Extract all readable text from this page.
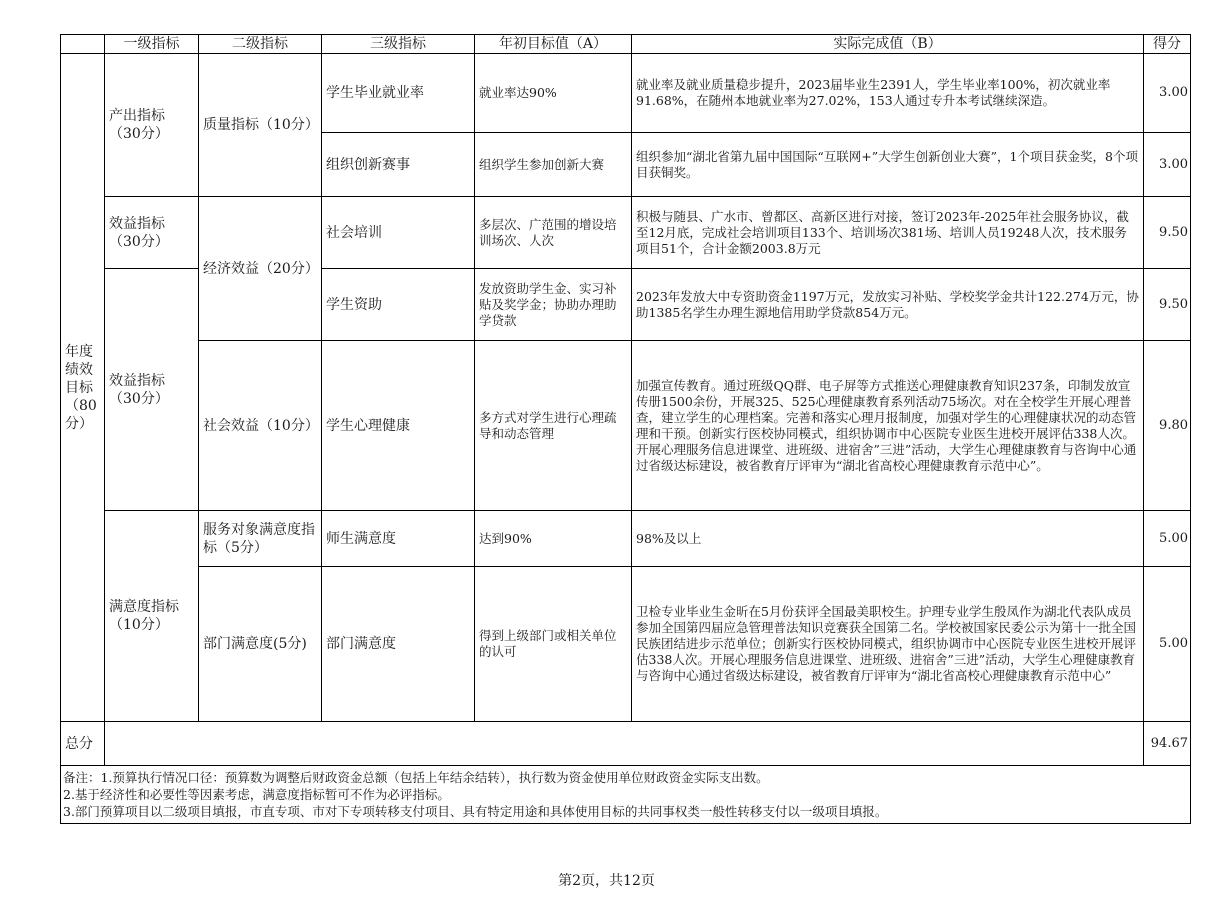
	一级指标	二级指标	三级指标	年初目标值（A）	实际完成值（B）	得分
年度绩效目标（80分）	产出指标（30分）	质量指标（10分）	学生毕业就业率	就业率达90%	就业率及就业质量稳步提升，2023届毕业生2391人，学生毕业率100%，初次就业率91.68%，在随州本地就业率为27.02%，153人通过专升本考试继续深造。	3.00
			组织创新赛事	组织学生参加创新大赛	组织参加“湖北省第九届中国国际“互联网+”大学生创新创业大赛”，1个项目获金奖，8个项目获铜奖。	3.00
	效益指标（30分）	经济效益（20分）	社会培训	多层次、广范围的增设培训场次、人次	积极与随县、广水市、曾都区、高新区进行对接，签订2023年-2025年社会服务协议，截至12月底，完成社会培训项目133个、培训场次381场、培训人员19248人次，技术服务项目51个，合计金额2003.8万元	9.50
	效益指标（30分）		学生资助	发放资助学生金、实习补贴及奖学金；协助办理助学贷款	2023年发放大中专资助资金1197万元，发放实习补贴、学校奖学金共计122.274万元，协助1385名学生办理生源地信用助学贷款854万元。	9.50
		社会效益（10分）	学生心理健康	多方式对学生进行心理疏导和动态管理	加强宣传教育。通过班级QQ群、电子屏等方式推送心理健康教育知识237条，印制发放宣传册1500余份，开展325、525心理健康教育系列活动75场次。对在全校学生开展心理普查，建立学生的心理档案。完善和落实心理月报制度，加强对学生的心理健康状况的动态管理和干预。创新实行医校协同模式，组织协调市中心医院专业医生进校开展评估338人次。开展心理服务信息进课堂、进班级、进宿舍”三进”活动，大学生心理健康教育与咨询中心通过省级达标建设，被省教育厅评审为“湖北省高校心理健康教育示范中心”。	9.80
	满意度指标（10分）	服务对象满意度指标（5分）	师生满意度	达到90%	98%及以上	5.00
		部门满意度(5分)	部门满意度	得到上级部门或相关单位的认可	卫检专业毕业生金昕在5月份获评全国最美职校生。护理专业学生殷凤作为湖北代表队成员参加全国第四届应急管理普法知识竞赛获全国第二名。学校被国家民委公示为第十一批全国民族团结进步示范单位；创新实行医校协同模式，组织协调市中心医院专业医生进校开展评估338人次。开展心理服务信息进课堂、进班级、进宿舍”三进”活动，大学生心理健康教育与咨询中心通过省级达标建设，被省教育厅评审为“湖北省高校心理健康教育示范中心”	5.00
总分						94.67

备注：1.预算执行情况口径：预算数为调整后财政资金总额（包括上年结余结转），执行数为资金使用单位财政资金实际支出数。
2.基于经济性和必要性等因素考虑，满意度指标暂可不作为必评指标。
3.部门预算项目以二级项目填报，市直专项、市对下专项转移支付项目、具有特定用途和具体使用目标的共同事权类一般性转移支付以一级项目填报。						
第2页，共12页
